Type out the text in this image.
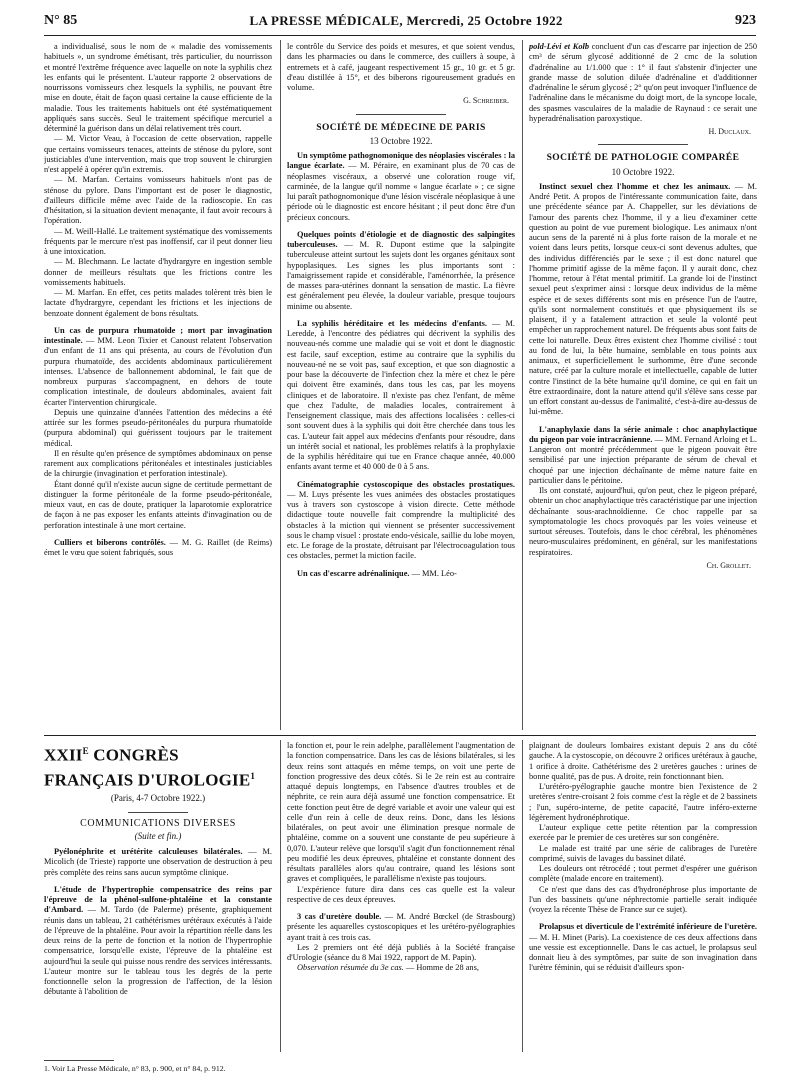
N° 85	LA PRESSE MÉDICALE, Mercredi, 25 Octobre 1922	923

a individualisé, sous le nom de « maladie des vomissements habituels », un syndrome émétisant, très particulier, du nourrisson et montré l'extrême fréquence avec laquelle on note la syphilis chez les enfants qui le présentent. L'auteur rapporte 2 observations de nourrissons vomisseurs chez lesquels la syphilis, ne pouvant être mise en doute, était de façon quasi certaine la cause efficiente de la maladie. Tous les traitements habituels ont été systématiquement appliqués sans succès. Seul le traitement spécifique mercuriel a déterminé la guérison dans un délai relativement très court.

— M. Victor Veau, à l'occasion de cette observation, rappelle que certains vomisseurs tenaces, atteints de sténose du pylore, sont justiciables d'une intervention, mais que trop souvent le chirurgien n'est appelé à opérer qu'in extremis.

— M. Marfan. Certains vomisseurs habituels n'ont pas de sténose du pylore. Dans l'important est de poser le diagnostic, d'ailleurs difficile même avec l'aide de la radioscopie. En cas d'hésitation, si la situation devient menaçante, il faut avoir recours à l'opération.

— M. Weill-Hallé. Le traitement systématique des vomissements fréquents par le mercure n'est pas inoffensif, car il peut donner lieu à une intoxication.

— M. Blechmann. Le lactate d'hydrargyre en ingestion semble donner de meilleurs résultats que les frictions contre les vomissements habituels.

— M. Marfan. En effet, ces petits malades tolèrent très bien le lactate d'hydrargyre, cependant les frictions et les injections de benzoate donnent également de bons résultats.

Un cas de purpura rhumatoïde ; mort par invagination intestinale. — MM. Leon Tixier et Canoust relatent l'observation d'un enfant de 11 ans qui présenta, au cours de l'évolution d'un purpura rhumatoïde, des accidents abdominaux particulièrement intenses. L'absence de ballonnement abdominal, le fait que de nombreux purpuras s'accompagnent, en dehors de toute complication intestinale, de douleurs abdominales, avaient fait écarter l'intervention chirurgicale.

Depuis une quinzaine d'années l'attention des médecins a été attirée sur les formes pseudo-péritonéales du purpura rhumatoïde (purpura abdominal) qui guérissent toujours par le traitement médical.

Il en résulte qu'en présence de symptômes abdominaux on pense rarement aux complications péritonéales et intestinales justiciables de la chirurgie (invagination et perforation intestinale).

Étant donné qu'il n'existe aucun signe de certitude permettant de distinguer la forme péritonéale de la forme pseudo-péritonéale, mieux vaut, en cas de doute, pratiquer la laparotomie exploratrice de façon à ne pas exposer les enfants atteints d'invagination ou de perforation intestinale à une mort certaine.

Culliers et biberons contrôlés. — M. G. Raillet (de Reims) émet le vœu que soient fabriqués, sous

le contrôle du Service des poids et mesures, et que soient vendus, dans les pharmacies ou dans le commerce, des cuillers à soupe, à entremets et à café, jaugeant respectivement 15 gr., 10 gr. et 5 gr. d'eau distillée à 15°, et des biberons rigoureusement gradués en volume.

G. Schreiber.
SOCIÉTÉ DE MÉDECINE DE PARIS
13 Octobre 1922.

Un symptôme pathognomonique des néoplasies viscérales : la langue écarlate. — M. Péraire, en examinant plus de 70 cas de néoplasmes viscéraux, a observé une coloration rouge vif, carminée, de la langue qu'il nomme « langue écarlate » ; ce signe lui paraît pathognomonique d'une lésion viscérale néoplasique à une période où le diagnostic est encore hésitant ; il peut donc être d'un précieux concours.

Quelques points d'étiologie et de diagnostic des salpingites tuberculeuses. — M. R. Dupont estime que la salpingite tuberculeuse atteint surtout les sujets dont les organes génitaux sont hypoplasiques. Les signes les plus importants sont : l'amaigrissement rapide et considérable, l'aménorrhée, la présence de masses para-utérines donnant la sensation de mastic. La fièvre est généralement peu élevée, la douleur variable, presque toujours minime ou absente.

La syphilis héréditaire et les médecins d'enfants. — M. Leredde, à l'encontre des pédiatres qui décrivent la syphilis des nouveau-nés comme une maladie qui se voit et dont le diagnostic est facile, sauf exception, estime au contraire que la syphilis du nouveau-né ne se voit pas, sauf exception, et que son diagnostic a pour base la découverte de l'infection chez la mère et chez le père qui doivent être examinés, dans tous les cas, par les moyens cliniques et de laboratoire. Il n'existe pas chez l'enfant, de même que chez l'adulte, de maladies locales, contrairement à l'enseignement classique, mais des affections localisées : celles-ci sont souvent dues à la syphilis qui doit être cherchée dans tous les cas. L'auteur fait appel aux médecins d'enfants pour résoudre, dans un intérêt social et national, les problèmes relatifs à la prophylaxie de la syphilis héréditaire qui tue en France chaque année, 40.000 enfants avant terme et 40 000 de 0 à 5 ans.

Cinématographie cystoscopique des obstacles prostatiques. — M. Luys présente les vues animées des obstacles prostatiques vus à travers son cystoscope à vision directe. Cette méthode didactique toute nouvelle fait comprendre la multiplicité des obstacles à la miction qui viennent se présenter successivement sous le champ visuel : prostate endo-vésicale, saillie du lobe moyen, etc. Le forage de la prostate, détruisant par l'électrocoagulation tous ces obstacles, permet la miction facile.

Un cas d'escarre adrénalinique. — MM. Léo-

pold-Lévi et Kolb concluent d'un cas d'escarre par injection de 250 cm³ de sérum glycosé additionné de 2 cmc de la solution d'adrénaline au 1/1.000 que : 1° il faut s'abstenir d'injecter une grande masse de solution diluée d'adrénaline et d'additionner d'adrénaline le sérum glycosé ; 2° qu'on peut invoquer l'influence de l'adrénaline dans le mécanisme du doigt mort, de la syncope locale, des spasmes vasculaires de la maladie de Raynaud : ce serait une hyperadrénalisation paroxystique.

H. Duclaux.
SOCIÉTÉ DE PATHOLOGIE COMPARÉE
10 Octobre 1922.

Instinct sexuel chez l'homme et chez les animaux. — M. André Petit. A propos de l'intéressante communication faite, dans une précédente séance par A. Chappeller, sur les déviations de l'amour des parents chez l'homme, il y a lieu d'examiner cette question au point de vue purement biologique. Les animaux n'ont aucun sens de la parenté ni à plus forte raison de la morale et ne voient dans leurs petits, lorsque ceux-ci sont devenus adultes, que des individus différenciés par le sexe ; il est donc naturel que l'homme primitif agisse de la même façon. Il y aurait donc, chez l'homme, retour à l'état mental primitif. La grande loi de l'instinct sexuel peut s'exprimer ainsi : lorsque deux individus de la même espèce et de sexes différents sont mis en présence l'un de l'autre, qu'ils sont normalement constitués et que physiquement ils se plaisent, il y a fatalement attraction et seule la volonté peut empêcher un rapprochement naturel. De fréquents abus sont faits de cette loi naturelle. Deux êtres existent chez l'homme civilisé : tout au fond de lui, la bête humaine, semblable en tous points aux animaux, et superficiellement le surhomme, être d'une seconde nature, créé par la culture morale et intellectuelle, capable de lutter contre l'instinct de la bête humaine qu'il domine, ce qui en fait un être extraordinaire, dont la nature attend qu'il s'élève sans cesse par un effort constant au-dessus de l'animalité, c'est-à-dire au-dessus de lui-même.

L'anaphylaxie dans la série animale : choc anaphylactique du pigeon par voie intracrânienne. — MM. Fernand Arloing et L. Langeron ont montré précédemment que le pigeon pouvait être sensibilisé par une injection préparante de sérum de cheval et choqué par une injection déchaînante de même nature faite en particulier dans le péritoine.

Ils ont constaté, aujourd'hui, qu'on peut, chez le pigeon préparé, obtenir un choc anaphylactique très caractéristique par une injection déchaînante sous-arachnoïdienne. Ce choc rappelle par sa symptomatologie les chocs provoqués par les voies veineuse et surtout séreuses. Toutefois, dans le choc cérébral, les phénomènes neuro-musculaires prédominent, en général, sur les manifestations respiratoires.

Ch. Grollet.
$XXII^E$ CONGRÈS FRANÇAIS D'UROLOGIE$^1$
(Paris, 4-7 Octobre 1922.)
COMMUNICATIONS DIVERSES
(Suite et fin.)

Pyélonéphrite et urétérite calculeuses bilatérales. — M. Micolich (de Trieste) rapporte une observation de destruction à peu près complète des reins sans aucun symptôme clinique.

L'étude de l'hypertrophie compensatrice des reins par l'épreuve de la phénol-sulfone-phtaléine et la constante d'Ambard. — M. Tardo (de Palerme) présente, graphiquement réunis dans un tableau, 21 cathétérismes urétéraux exécutés à l'aide de l'épreuve de la phtaléine. Pour avoir la répartition réelle dans les deux reins de la perte de fonction et la notion de l'hypertrophie compensatrice, lorsqu'elle existe, l'épreuve de la phtaléine est aujourd'hui la seule qui puisse nous rendre des services intéressants. L'auteur montre sur le tableau tous les degrés de la perte fonctionnelle selon la progression de l'affection, de la lésion débutante à l'abolition de

la fonction et, pour le rein adelphe, parallèlement l'augmentation de la fonction compensatrice. Dans les cas de lésions bilatérales, si les deux reins sont attaqués en même temps, on voit une perte de fonction progressive des deux côtés. Si le 2e rein est au contraire attaqué depuis longtemps, en l'absence d'autres troubles et de néphrite, ce rein aura déjà assumé une fonction compensatrice. Et cette fonction peut être de degré variable et avoir une valeur qui est celle d'un rein à celle de deux reins. Donc, dans les lésions bilatérales, on peut avoir une élimination presque normale de phtaléine, comme on a souvent une constante de peu supérieure à 0,070. L'auteur relève que lorsqu'il s'agit d'un fonctionnement rénal peu modifié les deux épreuves, phtaléine et constante donnent des résultats parallèles alors qu'au contraire, quand les lésions sont graves et compliquées, le parallélisme n'existe pas toujours.

L'expérience future dira dans ces cas quelle est la valeur respective de ces deux épreuves.

3 cas d'uretère double. — M. André Bœckel (de Strasbourg) présente les aquarelles cystoscopiques et les urétéro-pyélographies ayant trait à ces trois cas.

Les 2 premiers ont été déjà publiés à la Société française d'Urologie (séance du 8 Mai 1922, rapport de M. Papin).

Observation résumée du 3e cas. — Homme de 28 ans,

plaignant de douleurs lombaires existant depuis 2 ans du côté gauche. A la cystoscopie, on découvre 2 orifices urétéraux à gauche, 1 orifice à droite. Cathétérisme des 2 uretères gauches : urines de bonne qualité, pas de pus. A droite, rein fonctionnant bien.

L'urétéro-pyélographie gauche montre bien l'existence de 2 uretères s'entre-croisant 2 fois comme c'est la règle et de 2 bassinets ; l'un, supéro-interne, de petite capacité, l'autre inféro-externe légèrement hydronéphrotique.

L'auteur explique cette petite rétention par la compression exercée par le premier de ces uretères sur son congénère.

Le malade est traité par une série de calibrages de l'uretère comprimé, suivis de lavages du bassinet dilaté.

Les douleurs ont rétrocédé ; tout permet d'espérer une guérison complète (malade encore en traitement).

Ce n'est que dans des cas d'hydronéphrose plus importante de l'un des bassinets qu'une néphrectomie partielle serait indiquée (voyez la récente Thèse de France sur ce sujet).

Prolapsus et diverticule de l'extrémité inférieure de l'uretère. — M. H. Minet (Paris). La coexistence de ces deux affections dans une vessie est exceptionnelle. Dans le cas actuel, le prolapsus seul donnait lieu à des symptômes, par suite de son invagination dans l'urètre féminin, qui se réduisit d'ailleurs spon-

1. Voir La Presse Médicale, n° 83, p. 900, et n° 84, p. 912.
